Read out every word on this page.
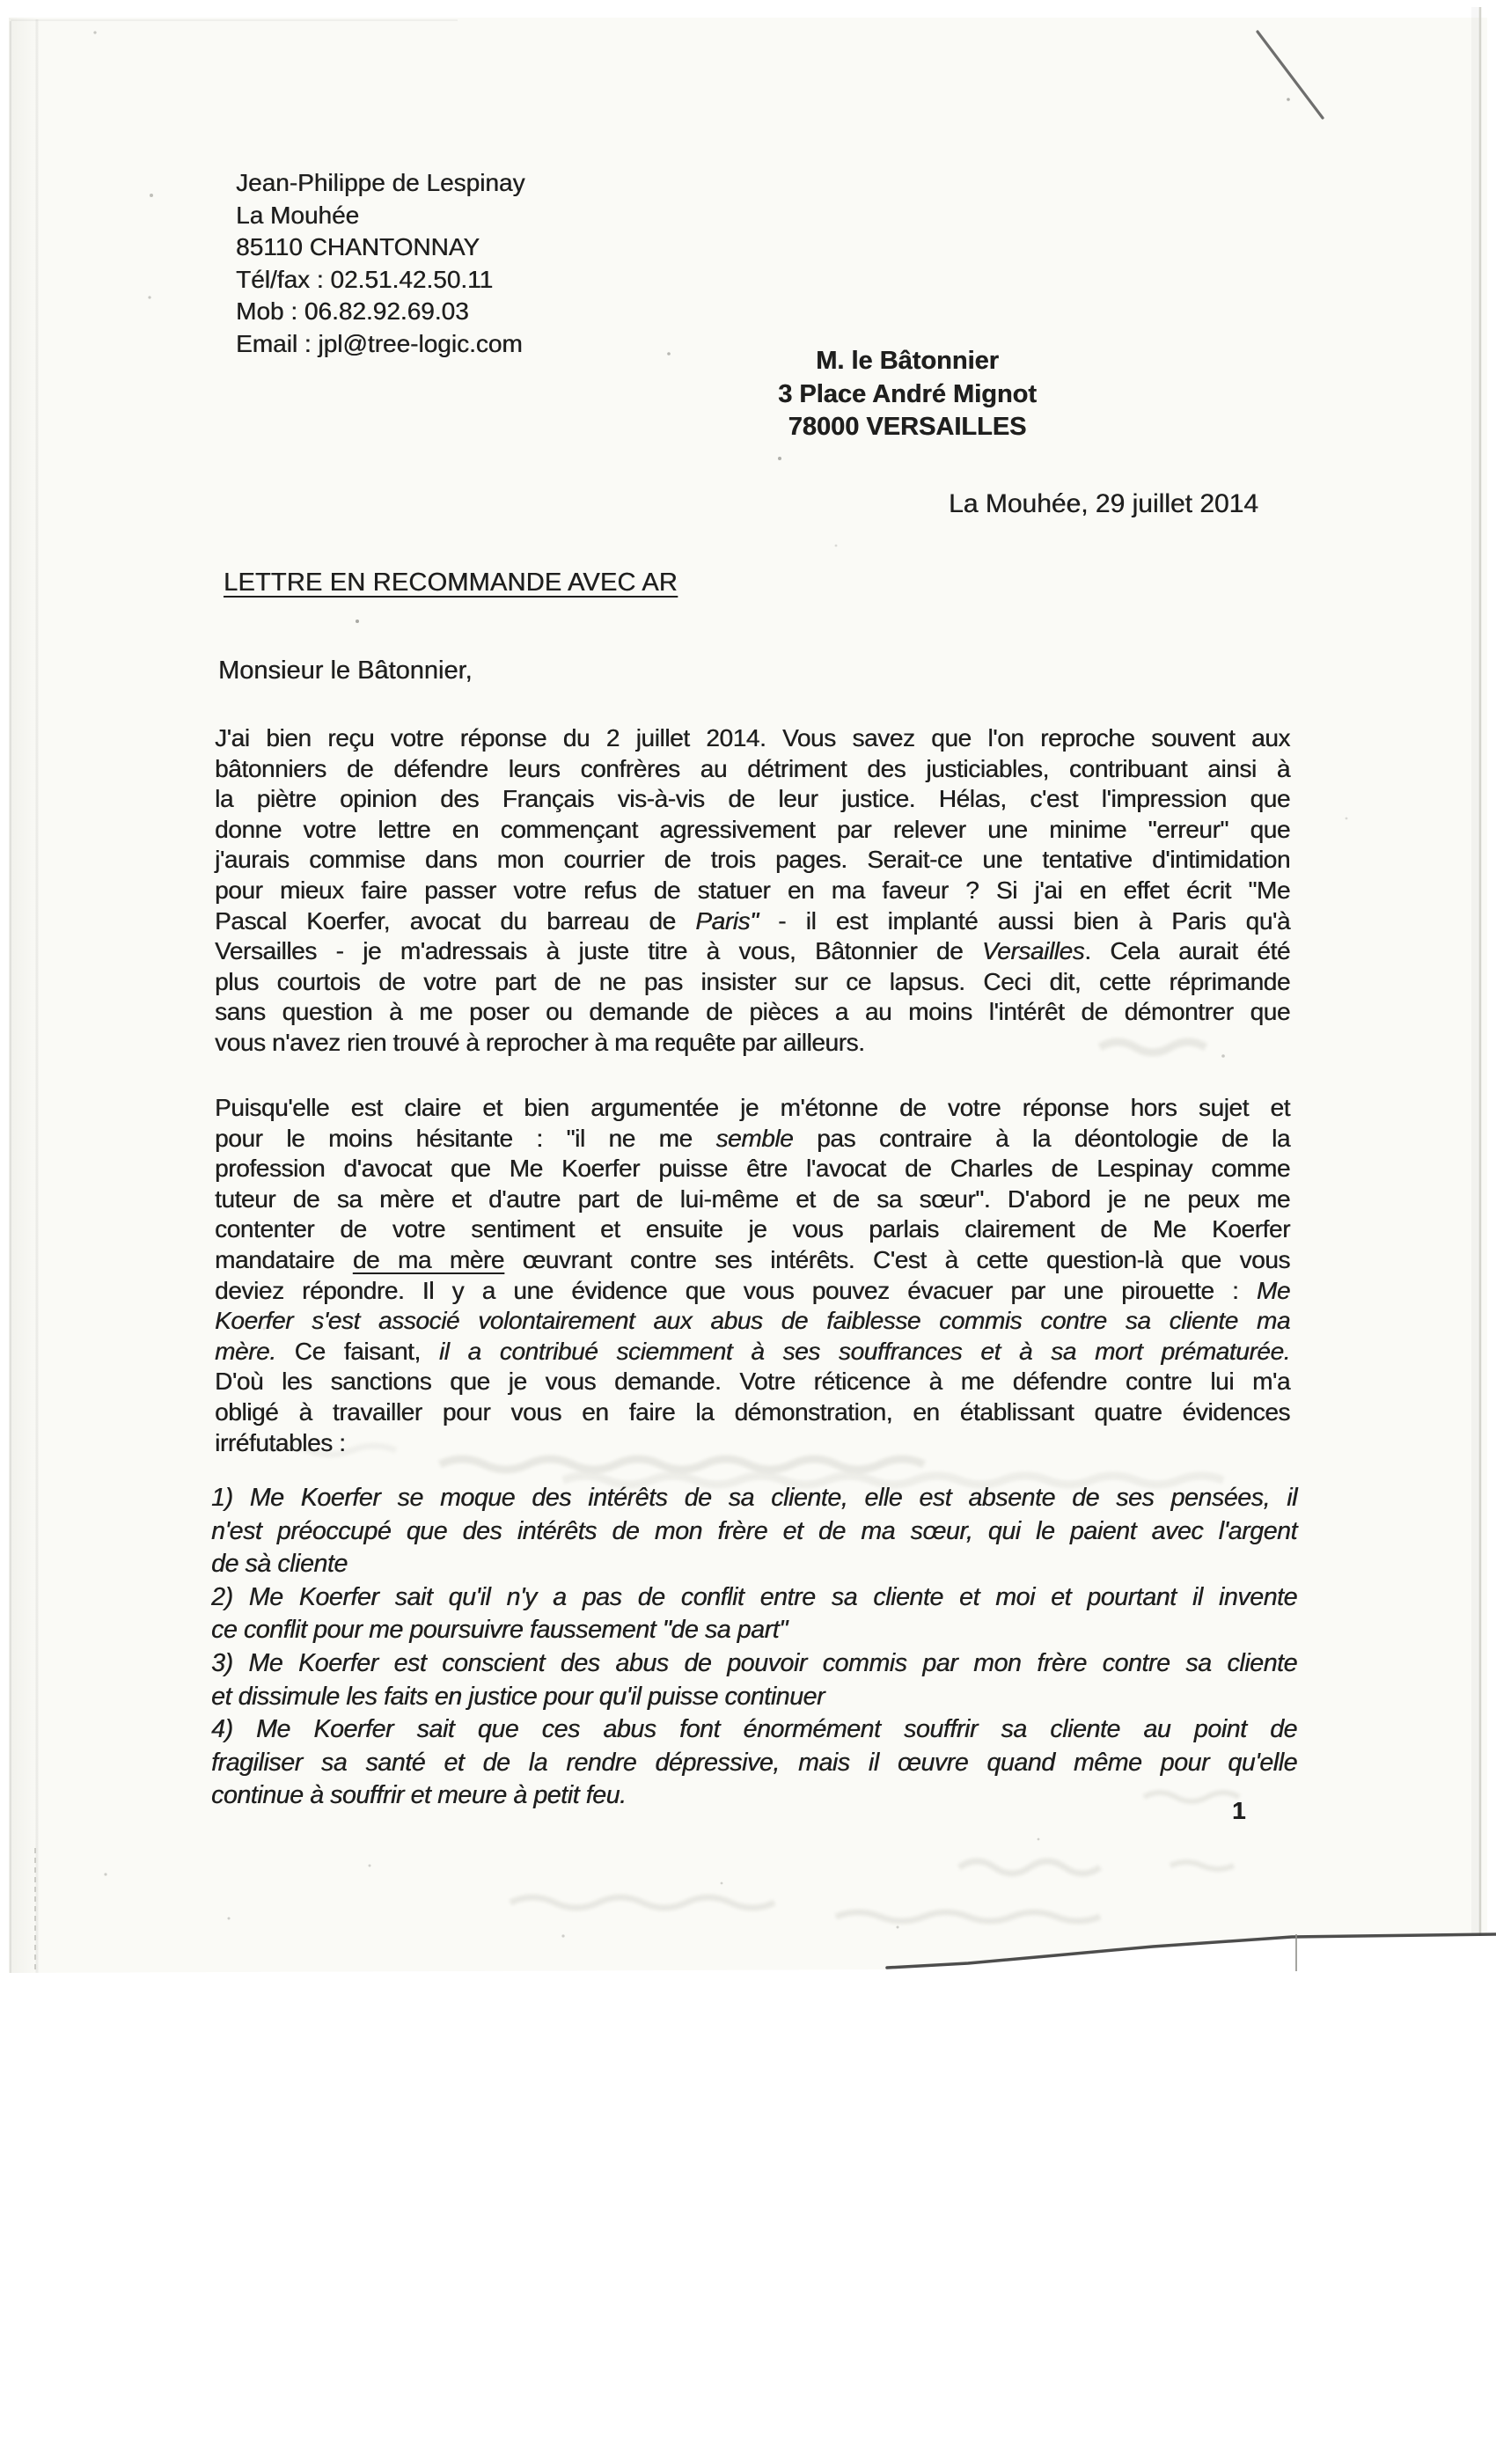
Jean-Philippe de Lespinay
La Mouhée
85110 CHANTONNAY
Tél/fax : 02.51.42.50.11
Mob : 06.82.92.69.03
Email : jpl@tree-logic.com
M. le Bâtonnier
3 Place André Mignot
78000 VERSAILLES
La Mouhée, 29 juillet 2014
LETTRE EN RECOMMANDE AVEC AR
Monsieur le Bâtonnier,
J'ai bien reçu votre réponse du 2 juillet 2014. Vous savez que l'on reproche souvent aux
bâtonniers de défendre leurs confrères au détriment des justiciables, contribuant ainsi à
la piètre opinion des Français vis-à-vis de leur justice. Hélas, c'est l'impression que
donne votre lettre en commençant agressivement par relever une minime "erreur" que
j'aurais commise dans mon courrier de trois pages. Serait-ce une tentative d'intimidation
pour mieux faire passer votre refus de statuer en ma faveur ? Si j'ai en effet écrit "Me
Pascal Koerfer, avocat du barreau de Paris" - il est implanté aussi bien à Paris qu'à
Versailles - je m'adressais à juste titre à vous, Bâtonnier de Versailles. Cela aurait été
plus courtois de votre part de ne pas insister sur ce lapsus. Ceci dit, cette réprimande
sans question à me poser ou demande de pièces a au moins l'intérêt de démontrer que
vous n'avez rien trouvé à reprocher à ma requête par ailleurs.
Puisqu'elle est claire et bien argumentée je m'étonne de votre réponse hors sujet et
pour le moins hésitante : "il ne me semble pas contraire à la déontologie de la
profession d'avocat que Me Koerfer puisse être l'avocat de Charles de Lespinay comme
tuteur de sa mère et d'autre part de lui-même et de sa sœur". D'abord je ne peux me
contenter de votre sentiment et ensuite je vous parlais clairement de Me Koerfer
mandataire de ma mère œuvrant contre ses intérêts. C'est à cette question-là que vous
deviez répondre. Il y a une évidence que vous pouvez évacuer par une pirouette : Me
Koerfer s'est associé volontairement aux abus de faiblesse commis contre sa cliente ma
mère. Ce faisant, il a contribué sciemment à ses souffrances et à sa mort prématurée.
D'où les sanctions que je vous demande. Votre réticence à me défendre contre lui m'a
obligé à travailler pour vous en faire la démonstration, en établissant quatre évidences
irréfutables :
1) Me Koerfer se moque des intérêts de sa cliente, elle est absente de ses pensées, il
n'est préoccupé que des intérêts de mon frère et de ma sœur, qui le paient avec l'argent
de sà cliente
2) Me Koerfer sait qu'il n'y a pas de conflit entre sa cliente et moi et pourtant il invente
ce conflit pour me poursuivre faussement "de sa part"
3) Me Koerfer est conscient des abus de pouvoir commis par mon frère contre sa cliente
et dissimule les faits en justice pour qu'il puisse continuer
4) Me Koerfer sait que ces abus font énormément souffrir sa cliente au point de
fragiliser sa santé et de la rendre dépressive, mais il œuvre quand même pour qu'elle
continue à souffrir et meure à petit feu.
1
